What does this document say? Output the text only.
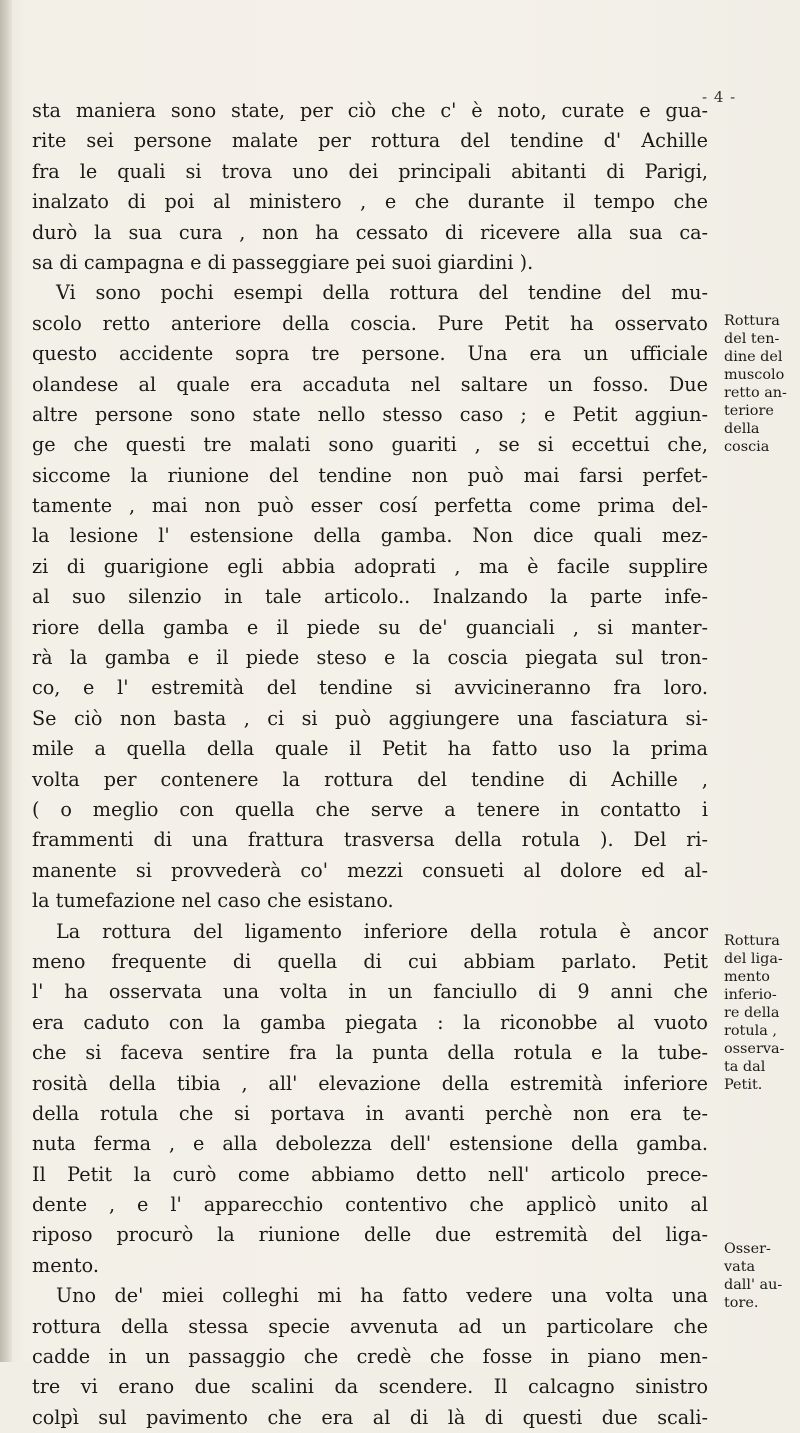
- 4 -

sta maniera sono state, per ciò che c' è noto, curate e gua-
rite sei persone malate per rottura del tendine d' Achille
fra le quali si trova uno dei principali abitanti di Parigi,
inalzato di poi al ministero , e che durante il tempo che
durò la sua cura , non ha cessato di ricevere alla sua ca-
sa di campagna e di passeggiare pei suoi giardini ).

Vi sono pochi esempi della rottura del tendine del mu-
scolo retto anteriore della coscia. Pure Petit ha osservato
questo accidente sopra tre persone. Una era un ufficiale
olandese al quale era accaduta nel saltare un fosso. Due
altre persone sono state nello stesso caso ; e Petit aggiun-
ge che questi tre malati sono guariti , se si eccettui che,
siccome la riunione del tendine non può mai farsi perfet-
tamente , mai non può esser cosí perfetta come prima del-
la lesione l' estensione della gamba. Non dice quali mez-
zi di guarigione egli abbia adoprati , ma è facile supplire
al suo silenzio in tale articolo.. Inalzando la parte infe-
riore della gamba e il piede su de' guanciali , si manter-
rà la gamba e il piede steso e la coscia piegata sul tron-
co, e l' estremità del tendine si avvicineranno fra loro.
Se ciò non basta , ci si può aggiungere una fasciatura si-
mile a quella della quale il Petit ha fatto uso la prima
volta per contenere la rottura del tendine di Achille ,
( o meglio con quella che serve a tenere in contatto i
frammenti di una frattura trasversa della rotula ). Del ri-
manente si provvederà co' mezzi consueti al dolore ed al-
la tumefazione nel caso che esistano.

La rottura del ligamento inferiore della rotula è ancor
meno frequente di quella di cui abbiam parlato. Petit
l' ha osservata una volta in un fanciullo di 9 anni che
era caduto con la gamba piegata : la riconobbe al vuoto
che si faceva sentire fra la punta della rotula e la tube-
rosità della tibia , all' elevazione della estremità inferiore
della rotula che si portava in avanti perchè non era te-
nuta ferma , e alla debolezza dell' estensione della gamba.
Il Petit la curò come abbiamo detto nell' articolo prece-
dente , e l' apparecchio contentivo che applicò unito al
riposo procurò la riunione delle due estremità del liga-
mento.

Uno de' miei colleghi mi ha fatto vedere una volta una
rottura della stessa specie avvenuta ad un particolare che
cadde in un passaggio che credè che fosse in piano men-
tre vi erano due scalini da scendere. Il calcagno sinistro
colpì sul pavimento che era al di là di questi due scali-

Rottura
del ten-
dine del
muscolo
retto an-
teriore
della
coscia
Rottura
del liga-
mento
inferio-
re della
rotula ,
osserva-
ta dal
Petit.
Osser-
vata
dall' au-
tore.
